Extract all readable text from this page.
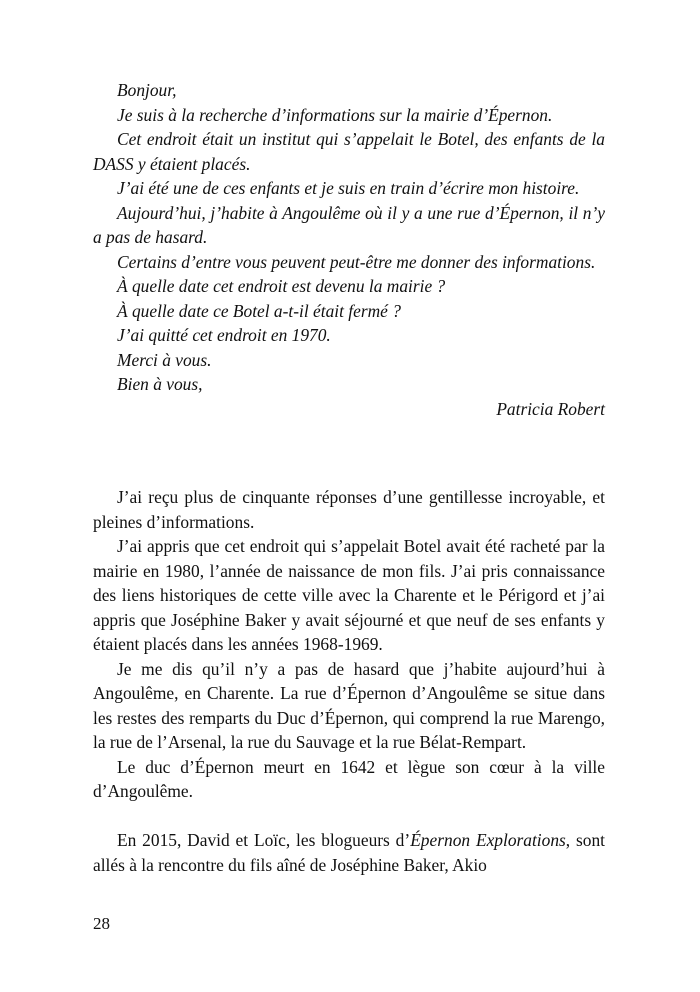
Bonjour,

Je suis à la recherche d’informations sur la mairie d’Épernon.

Cet endroit était un institut qui s’appelait le Botel, des enfants de la DASS y étaient placés.

J’ai été une de ces enfants et je suis en train d’écrire mon histoire.

Aujourd’hui, j’habite à Angoulême où il y a une rue d’Épernon, il n’y a pas de hasard.

Certains d’entre vous peuvent peut-être me donner des informations.

À quelle date cet endroit est devenu la mairie ?

À quelle date ce Botel a-t-il était fermé ?

J’ai quitté cet endroit en 1970.

Merci à vous.

Bien à vous,

Patricia Robert

J’ai reçu plus de cinquante réponses d’une gentillesse incroyable, et pleines d’informations.

J’ai appris que cet endroit qui s’appelait Botel avait été racheté par la mairie en 1980, l’année de naissance de mon fils. J’ai pris connaissance des liens historiques de cette ville avec la Charente et le Périgord et j’ai appris que Joséphine Baker y avait séjourné et que neuf de ses enfants y étaient placés dans les années 1968-1969.

Je me dis qu’il n’y a pas de hasard que j’habite aujourd’hui à Angoulême, en Charente. La rue d’Épernon d’Angoulême se situe dans les restes des remparts du Duc d’Épernon, qui comprend la rue Marengo, la rue de l’Arsenal, la rue du Sauvage et la rue Bélat-Rempart.

Le duc d’Épernon meurt en 1642 et lègue son cœur à la ville d’Angoulême.

En 2015, David et Loïc, les blogueurs d’Épernon Explorations, sont allés à la rencontre du fils aîné de Joséphine Baker, Akio

28
